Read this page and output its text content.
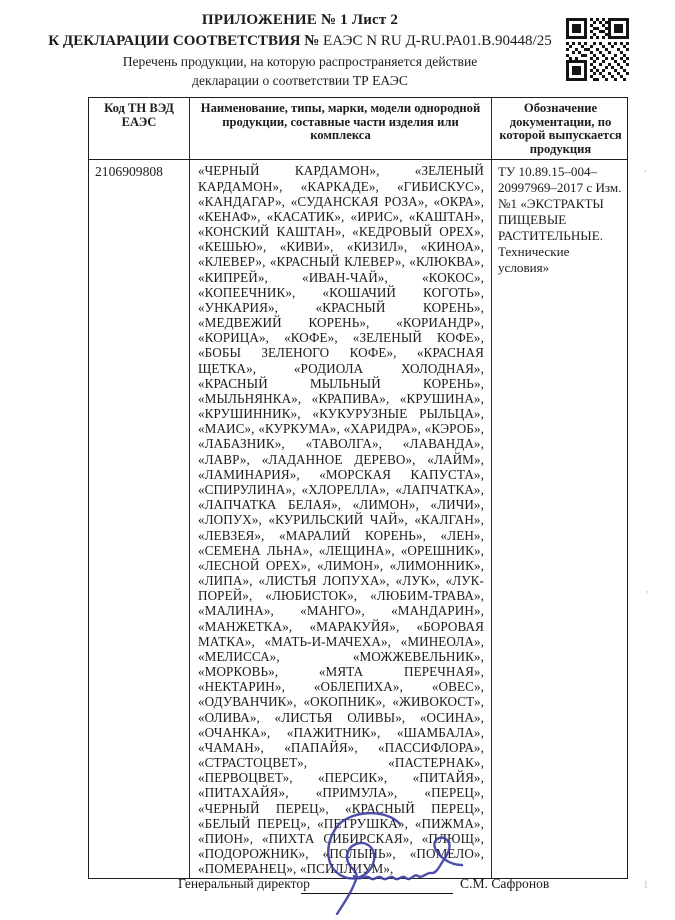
ПРИЛОЖЕНИЕ № 1 Лист 2
К ДЕКЛАРАЦИИ СООТВЕТСТВИЯ № ЕАЭС N RU Д-RU.РА01.В.90448/25
Перечень продукции, на которую распространяется действие декларации о соответствии ТР ЕАЭС
Код ТН ВЭД ЕАЭС
Наименование, типы, марки, модели однородной продукции, составные части изделия или комплекса
Обозначение документации, по которой выпускается продукция
2106909808	«ЧЕРНЫЙ КАРДАМОН», «ЗЕЛЕНЫЙ КАРДАМОН», «КАРКАДЕ», «ГИБИСКУС», «КАНДАГАР», «СУДАНСКАЯ РОЗА», «ОКРА», «КЕНАФ», «КАСАТИК», «ИРИС», «КАШТАН», «КОНСКИЙ КАШТАН», «КЕДРОВЫЙ ОРЕХ», «КЕШЬЮ», «КИВИ», «КИЗИЛ», «КИНОА», «КЛЕВЕР», «КРАСНЫЙ КЛЕВЕР», «КЛЮКВА», «КИПРЕЙ», «ИВАН-ЧАЙ», «КОКОС», «КОПЕЕЧНИК», «КОШАЧИЙ КОГОТЬ», «УНКАРИЯ», «КРАСНЫЙ КОРЕНЬ», «МЕДВЕЖИЙ КОРЕНЬ», «КОРИАНДР», «КОРИЦА», «КОФЕ», «ЗЕЛЕНЫЙ КОФЕ», «БОБЫ ЗЕЛЕНОГО КОФЕ», «КРАСНАЯ ЩЕТКА», «РОДИОЛА ХОЛОДНАЯ», «КРАСНЫЙ МЫЛЬНЫЙ КОРЕНЬ», «МЫЛЬНЯНКА», «КРАПИВА», «КРУШИНА», «КРУШИННИК», «КУКУРУЗНЫЕ РЫЛЬЦА», «МАИС», «КУРКУМА», «ХАРИДРА», «КЭРОБ», «ЛАБАЗНИК», «ТАВОЛГА», «ЛАВАНДА», «ЛАВР», «ЛАДАННОЕ ДЕРЕВО», «ЛАЙМ», «ЛАМИНАРИЯ», «МОРСКАЯ КАПУСТА», «СПИРУЛИНА», «ХЛОРЕЛЛА», «ЛАПЧАТКА», «ЛАПЧАТКА БЕЛАЯ», «ЛИМОН», «ЛИЧИ», «ЛОПУХ», «КУРИЛЬСКИЙ ЧАЙ», «КАЛГАН», «ЛЕВЗЕЯ», «МАРАЛИЙ КОРЕНЬ», «ЛЕН», «СЕМЕНА ЛЬНА», «ЛЕЩИНА», «ОРЕШНИК», «ЛЕСНОЙ ОРЕХ», «ЛИМОН», «ЛИМОННИК», «ЛИПА», «ЛИСТЬЯ ЛОПУХА», «ЛУК», «ЛУК-ПОРЕЙ», «ЛЮБИСТОК», «ЛЮБИМ-ТРАВА», «МАЛИНА», «МАНГО», «МАНДАРИН», «МАНЖЕТКА», «МАРАКУЙЯ», «БОРОВАЯ МАТКА», «МАТЬ-И-МАЧЕХА», «МИНЕОЛА», «МЕЛИССА», «МОЖЖЕВЕЛЬНИК», «МОРКОВЬ», «МЯТА ПЕРЕЧНАЯ», «НЕКТАРИН», «ОБЛЕПИХА», «ОВЕС», «ОДУВАНЧИК», «ОКОПНИК», «ЖИВОКОСТ», «ОЛИВА», «ЛИСТЬЯ ОЛИВЫ», «ОСИНА», «ОЧАНКА», «ПАЖИТНИК», «ШАМБАЛА», «ЧАМАН», «ПАПАЙЯ», «ПАССИФЛОРА», «СТРАСТОЦВЕТ», «ПАСТЕРНАК», «ПЕРВОЦВЕТ», «ПЕРСИК», «ПИТАЙЯ», «ПИТАХАЙЯ», «ПРИМУЛА», «ПЕРЕЦ», «ЧЕРНЫЙ ПЕРЕЦ», «КРАСНЫЙ ПЕРЕЦ», «БЕЛЫЙ ПЕРЕЦ», «ПЕТРУШКА», «ПИЖМА», «ПИОН», «ПИХТА СИБИРСКАЯ», «ПЛЮЩ», «ПОДОРОЖНИК», «ПОЛЫНЬ», «ПОМЕЛО», «ПОМЕРАНЕЦ», «ПСИЛЛИУМ»,
ТУ 10.89.15–004– 20997969–2017 с Изм. №1 «ЭКСТРАКТЫ ПИЩЕВЫЕ РАСТИТЕЛЬНЫЕ. Технические условия»
Генеральный директор	С.М. Сафронов
,
,
1
